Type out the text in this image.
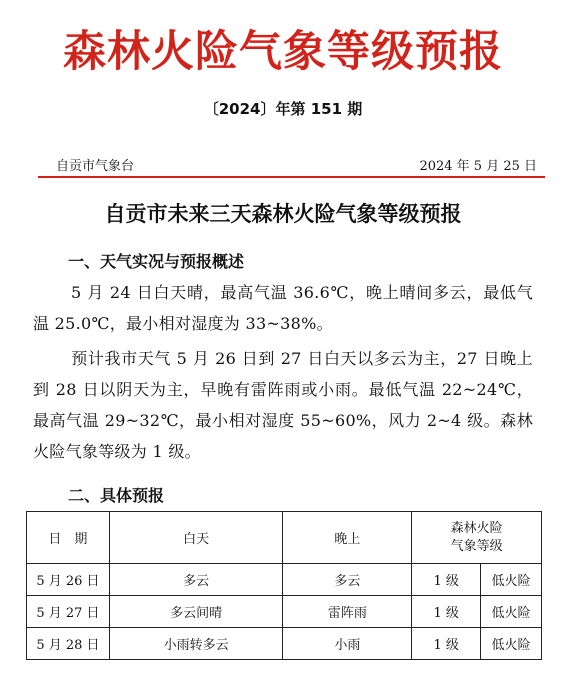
森林火险气象等级预报
〔2024〕年第 151 期
自贡市气象台	2024 年 5 月 25 日
自贡市未来三天森林火险气象等级预报
一、天气实况与预报概述

5 月 24 日白天晴，最高气温 36.6℃，晚上晴间多云，最低气温 25.0℃，最小相对湿度为 33~38%。

预计我市天气 5 月 26 日到 27 日白天以多云为主，27 日晚上到 28 日以阴天为主，早晚有雷阵雨或小雨。最低气温 22~24℃，最高气温 29~32℃，最小相对湿度 55~60%，风力 2~4 级。森林火险气象等级为 1 级。

二、具体预报
日　期	白天	晚上	森林火险
气象等级	
5 月 26 日	多云	多云	1 级	低火险
5 月 27 日	多云间晴	雷阵雨	1 级	低火险
5 月 28 日	小雨转多云	小雨	1 级	低火险
